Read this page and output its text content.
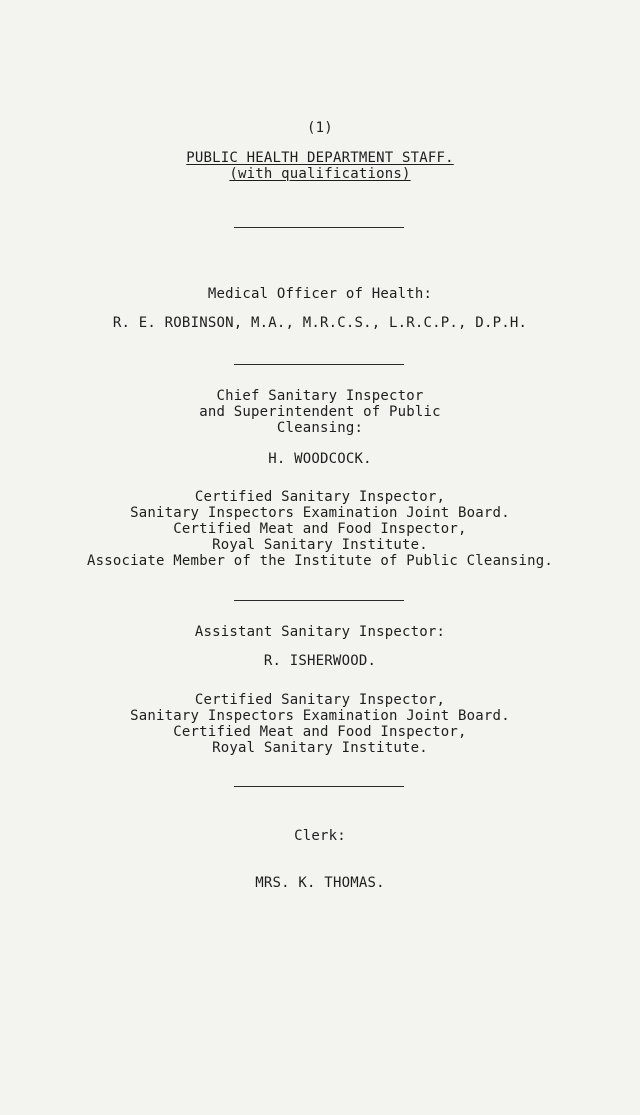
(1)
PUBLIC HEALTH DEPARTMENT STAFF.
(with qualifications)
Medical Officer of Health:
R. E. ROBINSON, M.A., M.R.C.S., L.R.C.P., D.P.H.
Chief Sanitary Inspector
and Superintendent of Public
Cleansing:
H. WOODCOCK.
Certified Sanitary Inspector,
Sanitary Inspectors Examination Joint Board.
Certified Meat and Food Inspector,
Royal Sanitary Institute.
Associate Member of the Institute of Public Cleansing.
Assistant Sanitary Inspector:
R. ISHERWOOD.
Certified Sanitary Inspector,
Sanitary Inspectors Examination Joint Board.
Certified Meat and Food Inspector,
Royal Sanitary Institute.
Clerk:
MRS. K. THOMAS.
